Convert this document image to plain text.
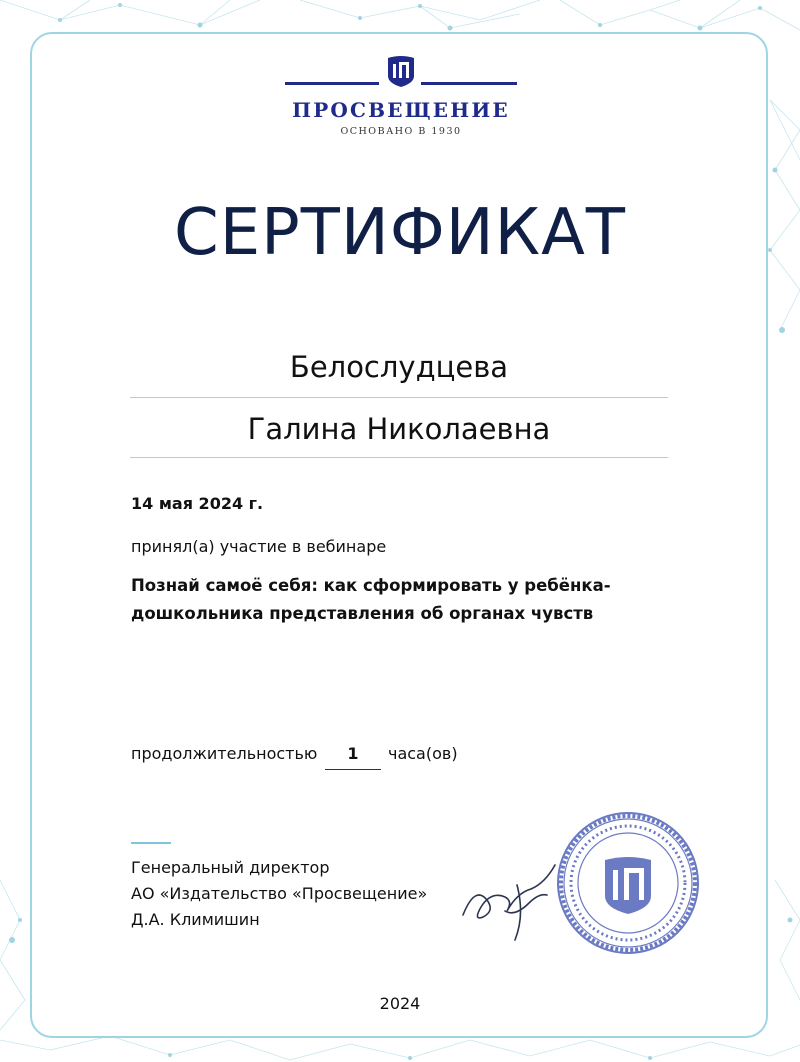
ПРОСВЕЩЕНИЕ
ОСНОВАНО В 1930
СЕРТИФИКАТ
Белослудцева
Галина Николаевна
14 мая 2024 г.
принял(а) участие в вебинаре
Познай самоё себя: как сформировать у ребёнка-
дошкольника представления об органах чувств
продолжительностью	1	часа(ов)
Генеральный директор
АО «Издательство «Просвещение»
Д.А. Климишин
2024
